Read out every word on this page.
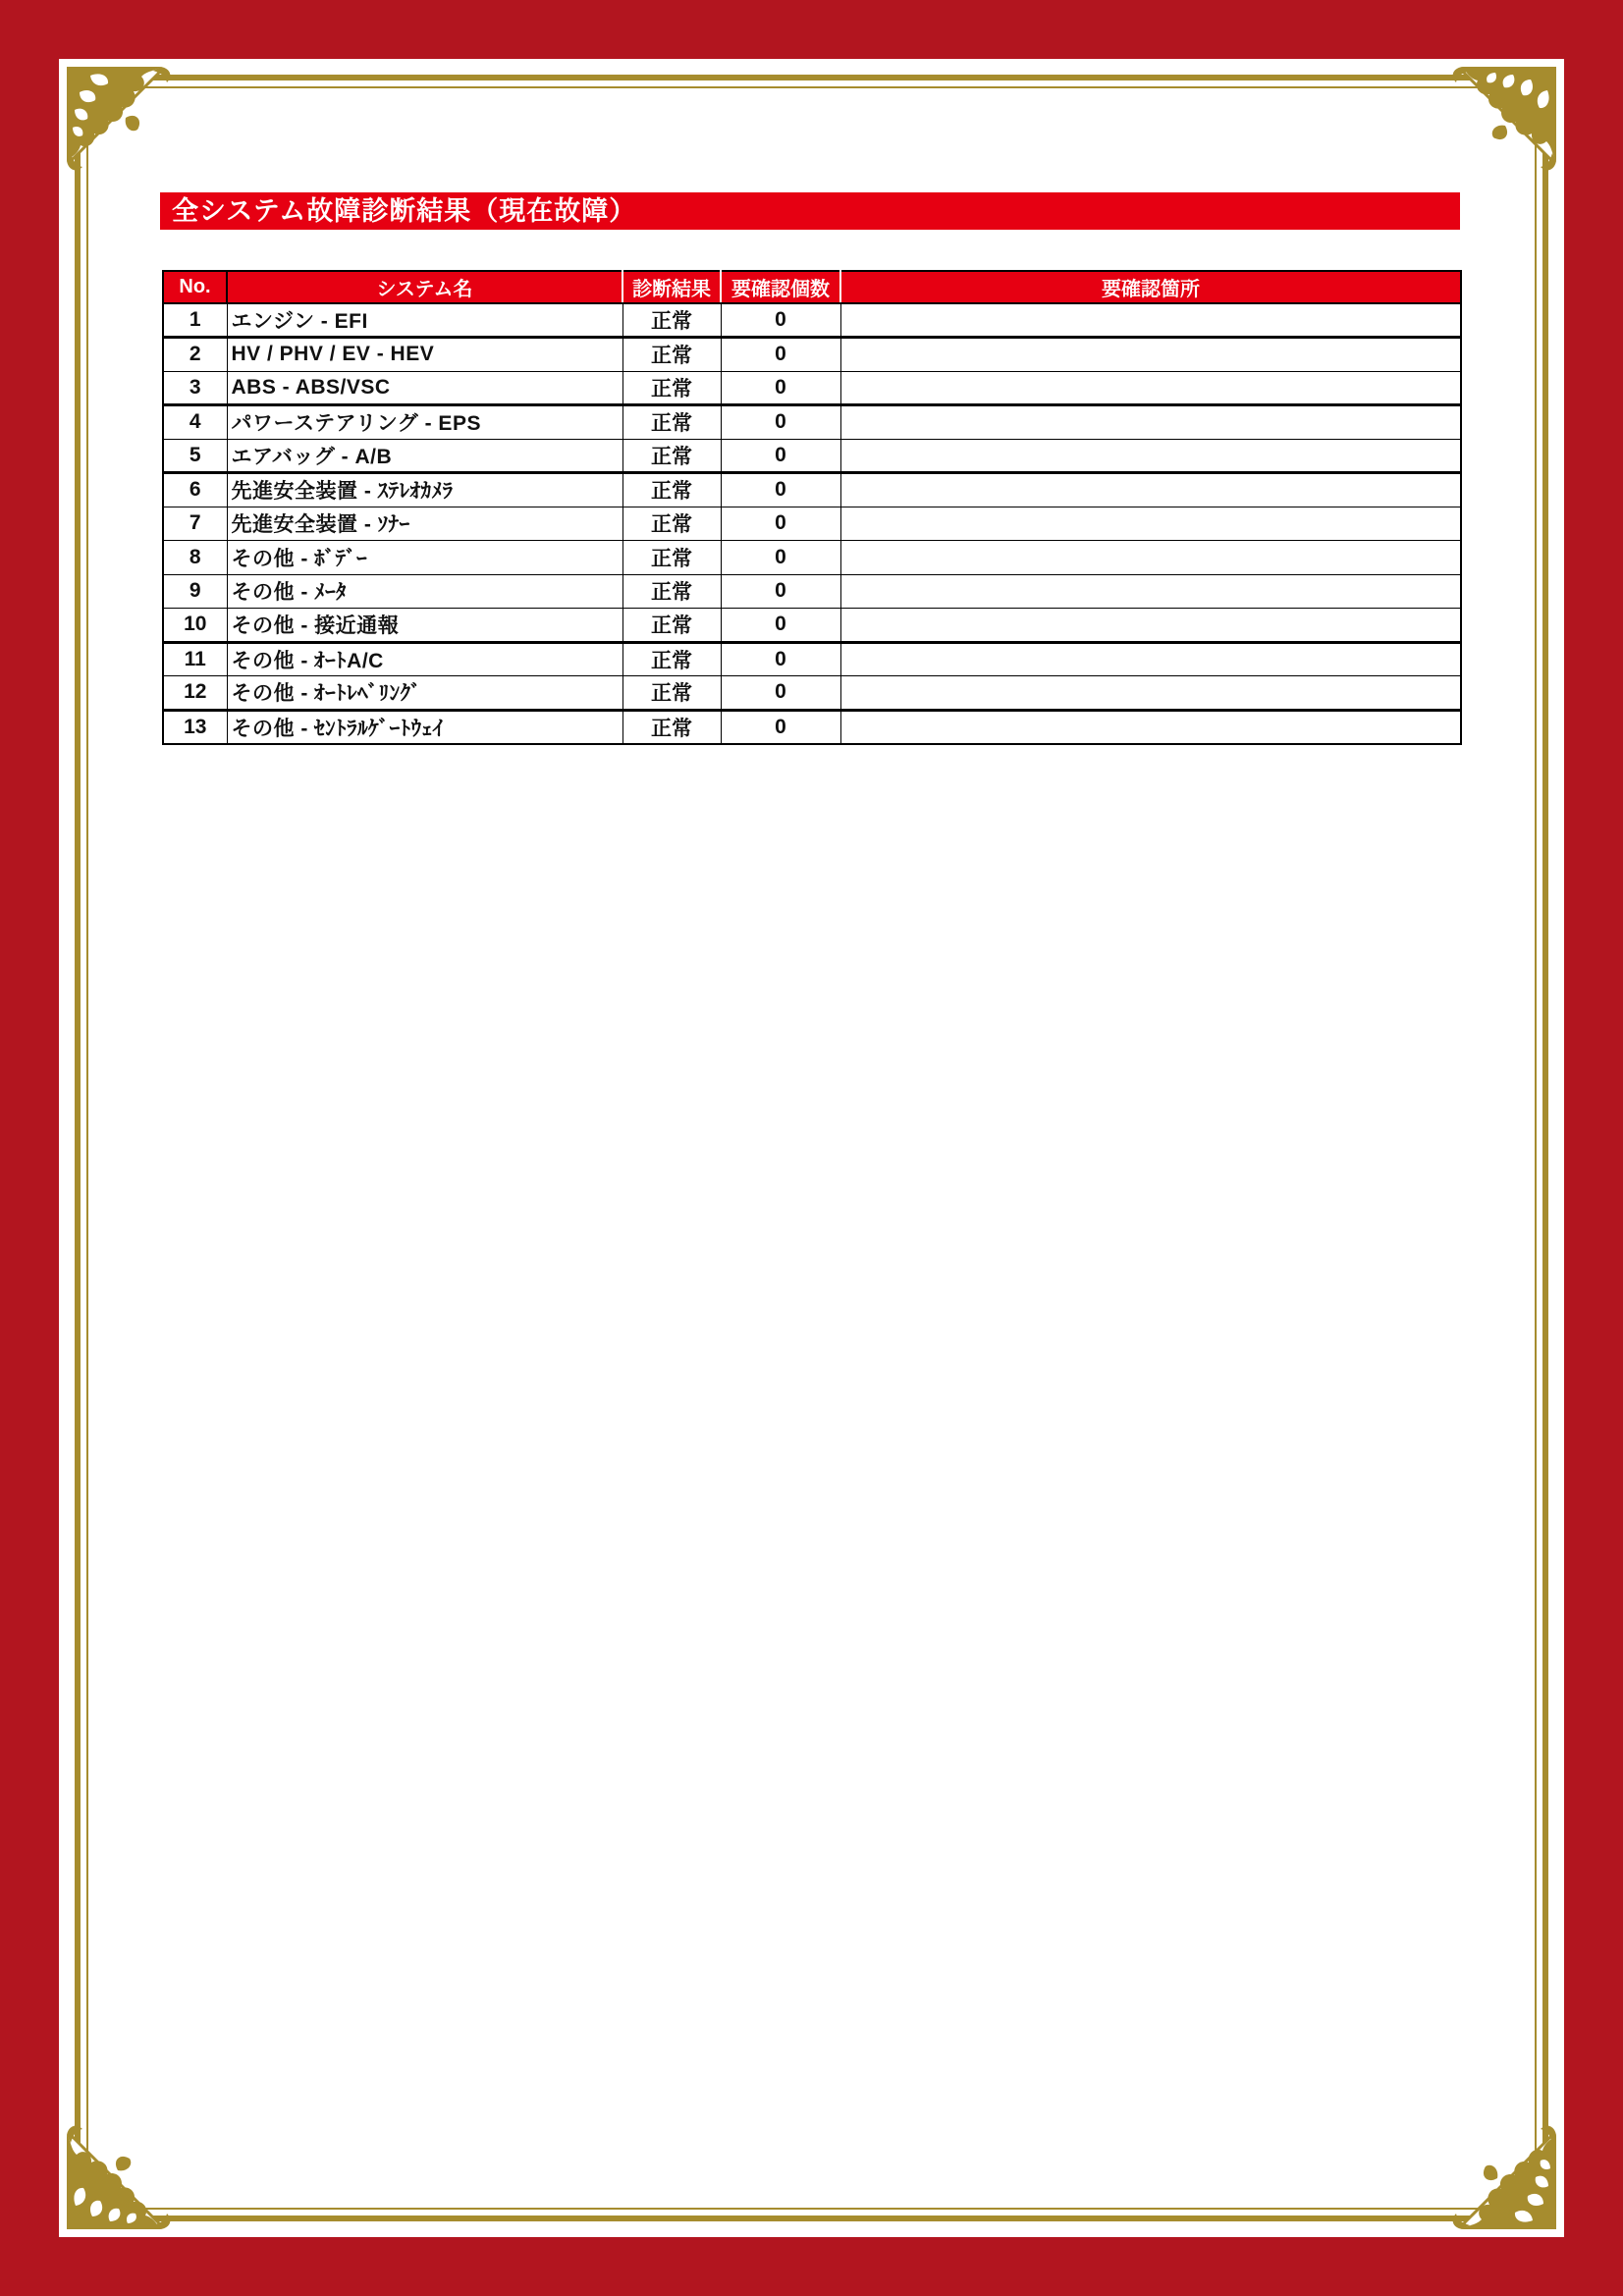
全システム故障診断結果（現在故障）
No.	システム名	診断結果	要確認個数	要確認箇所
1	エンジン - EFI	正常	0	
2	HV / PHV / EV - HEV	正常	0	
3	ABS - ABS/VSC	正常	0	
4	パワーステアリング - EPS	正常	0	
5	エアバッグ - A/B	正常	0	
6	先進安全装置 - ｽﾃﾚｵｶﾒﾗ	正常	0	
7	先進安全装置 - ｿﾅｰ	正常	0	
8	その他 - ﾎﾞﾃﾞｰ	正常	0	
9	その他 - ﾒｰﾀ	正常	0	
10	その他 - 接近通報	正常	0	
11	その他 - ｵｰﾄA/C	正常	0	
12	その他 - ｵｰﾄﾚﾍﾞﾘﾝｸﾞ	正常	0	
13	その他 - ｾﾝﾄﾗﾙｹﾞｰﾄｳｪｲ	正常	0	
